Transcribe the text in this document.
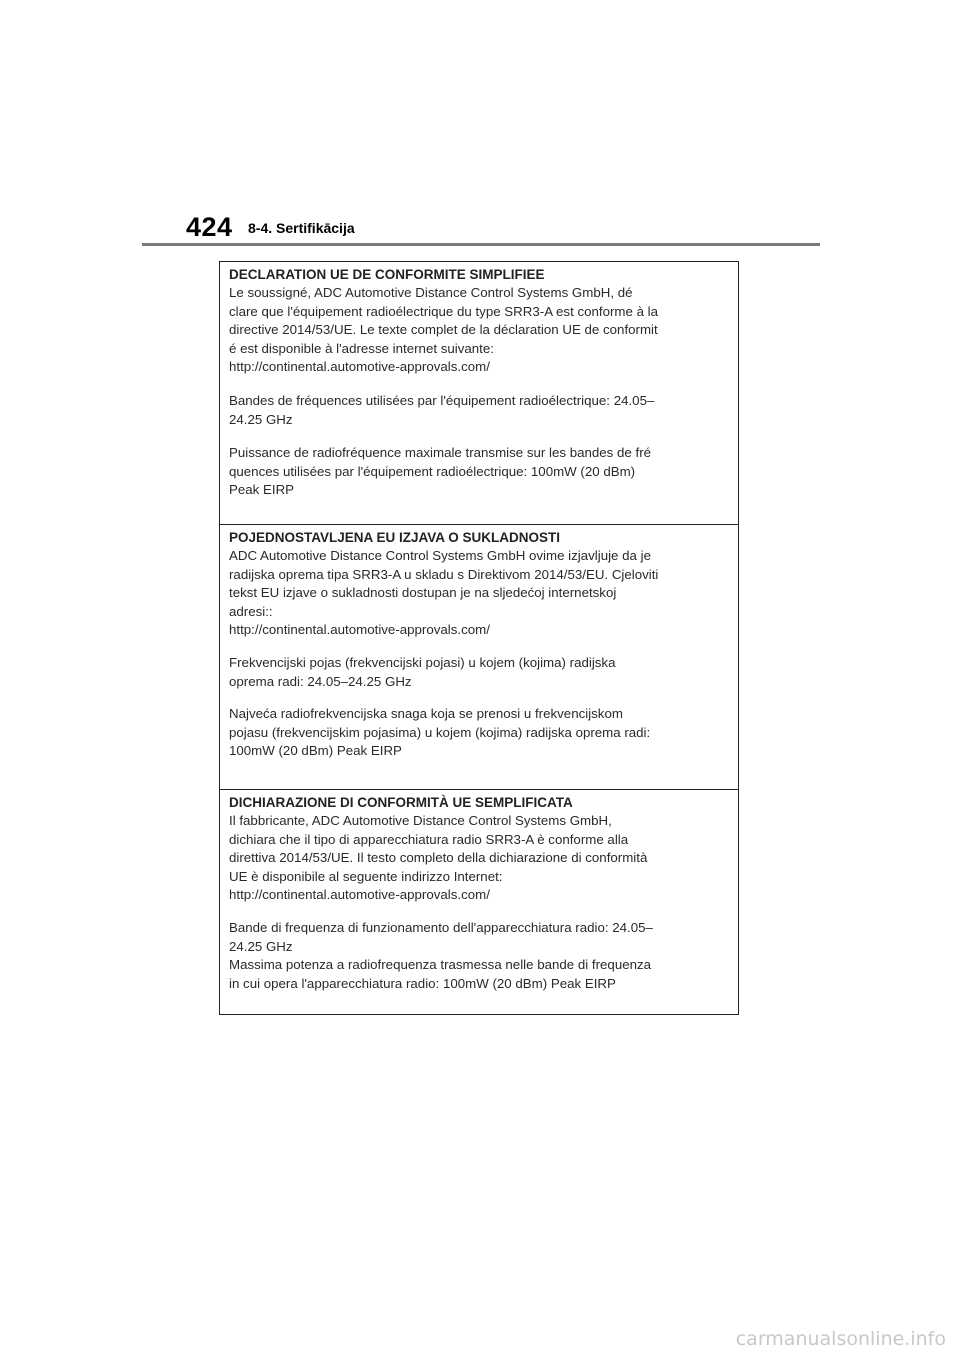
424 8-4. Sertifikācija
DECLARATION UE DE CONFORMITE SIMPLIFIEE

Le soussigné, ADC Automotive Distance Control Systems GmbH, dé
clare que l'équipement radioélectrique du type SRR3-A est conforme à la
directive 2014/53/UE. Le texte complet de la déclaration UE de conformit
é est disponible à l'adresse internet suivante:
http://continental.automotive-approvals.com/

Bandes de fréquences utilisées par l'équipement radioélectrique: 24.05–
24.25 GHz

Puissance de radiofréquence maximale transmise sur les bandes de fré
quences utilisées par l'équipement radioélectrique: 100mW (20 dBm)
Peak EIRP

POJEDNOSTAVLJENA EU IZJAVA O SUKLADNOSTI

ADC Automotive Distance Control Systems GmbH ovime izjavljuje da je
radijska oprema tipa SRR3-A u skladu s Direktivom 2014/53/EU. Cjeloviti
tekst EU izjave o sukladnosti dostupan je na sljedećoj internetskoj
adresi::
http://continental.automotive-approvals.com/

Frekvencijski pojas (frekvencijski pojasi) u kojem (kojima) radijska
oprema radi: 24.05–24.25 GHz

Najveća radiofrekvencijska snaga koja se prenosi u frekvencijskom
pojasu (frekvencijskim pojasima) u kojem (kojima) radijska oprema radi:
100mW (20 dBm) Peak EIRP

DICHIARAZIONE DI CONFORMITÀ UE SEMPLIFICATA

Il fabbricante, ADC Automotive Distance Control Systems GmbH,
dichiara che il tipo di apparecchiatura radio SRR3-A è conforme alla
direttiva 2014/53/UE. Il testo completo della dichiarazione di conformità
UE è disponibile al seguente indirizzo Internet:
http://continental.automotive-approvals.com/

Bande di frequenza di funzionamento dell'apparecchiatura radio: 24.05–
24.25 GHz
Massima potenza a radiofrequenza trasmessa nelle bande di frequenza
in cui opera l'apparecchiatura radio: 100mW (20 dBm) Peak EIRP

carmanualsonline.info
